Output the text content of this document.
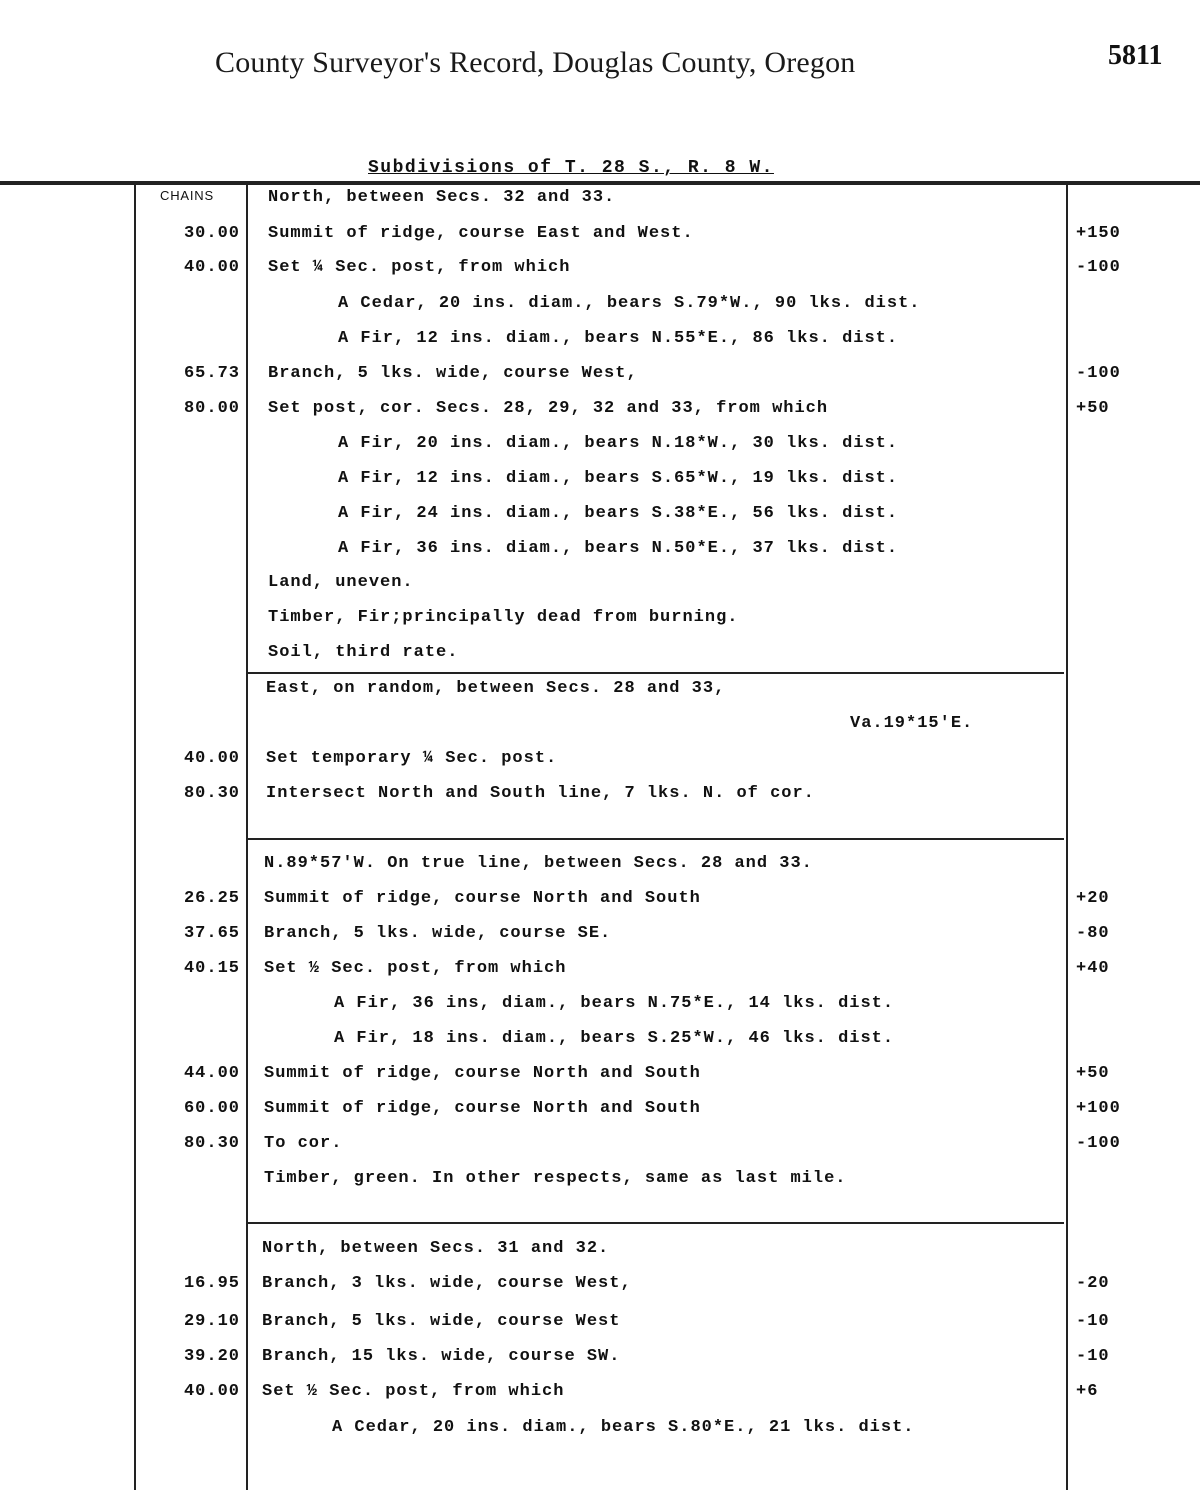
County Surveyor's Record, Douglas County, Oregon	5811
Subdivisions of T. 28 S., R. 8 W.
CHAINS	North, between Secs. 32 and 33.
30.00 Summit of ridge, course East and West.	+150
40.00 Set ¼ Sec. post, from which	-100
A Cedar, 20 ins. diam., bears S.79*W., 90 lks. dist.
A Fir, 12 ins. diam., bears N.55*E., 86 lks. dist.
65.73 Branch, 5 lks. wide, course West,	-100
80.00 Set post, cor. Secs. 28, 29, 32 and 33, from which	+50
A Fir, 20 ins. diam., bears N.18*W., 30 lks. dist.
A Fir, 12 ins. diam., bears S.65*W., 19 lks. dist.
A Fir, 24 ins. diam., bears S.38*E., 56 lks. dist.
A Fir, 36 ins. diam., bears N.50*E., 37 lks. dist.
Land, uneven.
Timber, Fir;principally dead from burning.
Soil, third rate.
East, on random, between Secs. 28 and 33,
Va.19*15'E.
40.00 Set temporary ¼ Sec. post.
80.30 Intersect North and South line, 7 lks. N. of cor.
N.89*57'W. On true line, between Secs. 28 and 33.
26.25 Summit of ridge, course North and South	+20
37.65 Branch, 5 lks. wide, course SE.	-80
40.15 Set ½ Sec. post, from which	+40
A Fir, 36 ins, diam., bears N.75*E., 14 lks. dist.
A Fir, 18 ins. diam., bears S.25*W., 46 lks. dist.
44.00 Summit of ridge, course North and South	+50
60.00 Summit of ridge, course North and South	+100
80.30 To cor.	-100
Timber, green. In other respects, same as last mile.
North, between Secs. 31 and 32.
16.95 Branch, 3 lks. wide, course West,	-20
29.10 Branch, 5 lks. wide, course West	-10
39.20 Branch, 15 lks. wide, course SW.	-10
40.00 Set ½ Sec. post, from which	+6
A Cedar, 20 ins. diam., bears S.80*E., 21 lks. dist.
